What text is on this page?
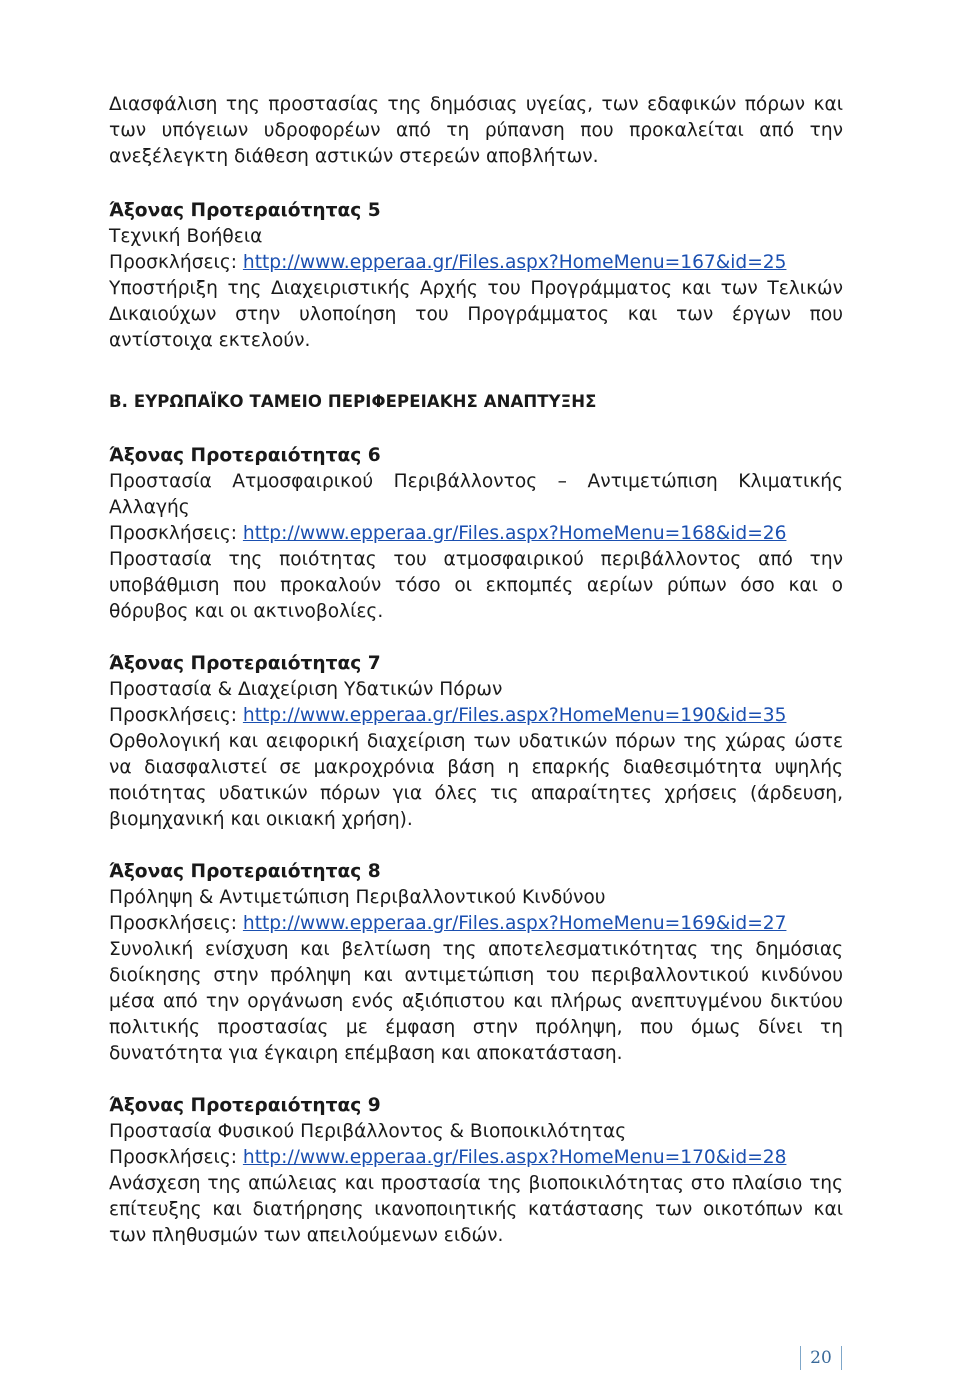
Διασφάλιση της προστασίας της δημόσιας υγείας, των εδαφικών πόρων και των υπόγειων υδροφορέων από τη ρύπανση που προκαλείται από την ανεξέλεγκτη διάθεση αστικών στερεών αποβλήτων.

Άξονας Προτεραιότητας 5

Τεχνική Βοήθεια

Προσκλήσεις: http://www.epperaa.gr/Files.aspx?HomeMenu=167&id=25

Υποστήριξη της Διαχειριστικής Αρχής του Προγράμματος και των Τελικών Δικαιούχων στην υλοποίηση του Προγράμματος και των έργων που αντίστοιχα εκτελούν.

Β. ΕΥΡΩΠΑΪΚΟ ΤΑΜΕΙΟ ΠΕΡΙΦΕΡΕΙΑΚΗΣ ΑΝΑΠΤΥΞΗΣ

Άξονας Προτεραιότητας 6

Προστασία Ατμοσφαιρικού Περιβάλλοντος – Αντιμετώπιση Κλιματικής Αλλαγής

Προσκλήσεις: http://www.epperaa.gr/Files.aspx?HomeMenu=168&id=26

Προστασία της ποιότητας του ατμοσφαιρικού περιβάλλοντος από την υποβάθμιση που προκαλούν τόσο οι εκπομπές αερίων ρύπων όσο και ο θόρυβος και οι ακτινοβολίες.

Άξονας Προτεραιότητας 7

Προστασία & Διαχείριση Υδατικών Πόρων

Προσκλήσεις: http://www.epperaa.gr/Files.aspx?HomeMenu=190&id=35

Ορθολογική και αειφορική διαχείριση των υδατικών πόρων της χώρας ώστε να διασφαλιστεί σε μακροχρόνια βάση η επαρκής διαθεσιμότητα υψηλής ποιότητας υδατικών πόρων για όλες τις απαραίτητες χρήσεις (άρδευση, βιομηχανική και οικιακή χρήση).

Άξονας Προτεραιότητας 8

Πρόληψη & Αντιμετώπιση Περιβαλλοντικού Κινδύνου

Προσκλήσεις: http://www.epperaa.gr/Files.aspx?HomeMenu=169&id=27

Συνολική ενίσχυση και βελτίωση της αποτελεσματικότητας της δημόσιας διοίκησης στην πρόληψη και αντιμετώπιση του περιβαλλοντικού κινδύνου μέσα από την οργάνωση ενός αξιόπιστου και πλήρως ανεπτυγμένου δικτύου πολιτικής προστασίας με έμφαση στην πρόληψη, που όμως δίνει τη δυνατότητα για έγκαιρη επέμβαση και αποκατάσταση.

Άξονας Προτεραιότητας 9

Προστασία Φυσικού Περιβάλλοντος & Βιοποικιλότητας

Προσκλήσεις: http://www.epperaa.gr/Files.aspx?HomeMenu=170&id=28

Ανάσχεση της απώλειας και προστασία της βιοποικιλότητας στο πλαίσιο της επίτευξης και διατήρησης ικανοποιητικής κατάστασης των οικοτόπων και των πληθυσμών των απειλούμενων ειδών.

20
